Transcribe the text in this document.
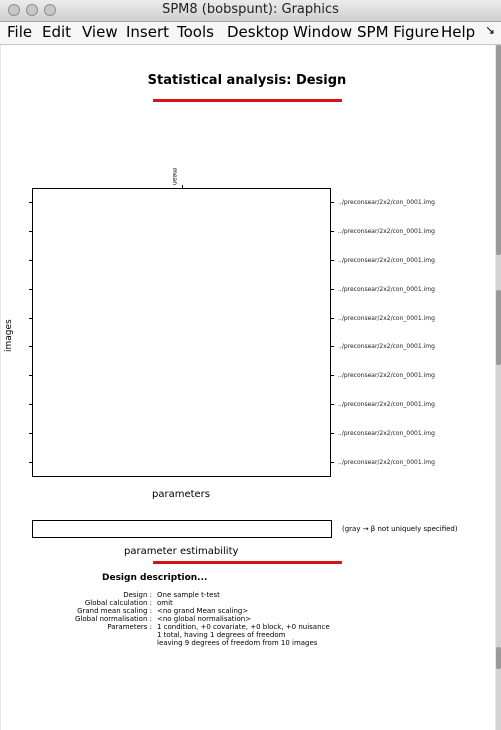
SPM8 (bobspunt): Graphics
File Edit View Insert Tools Desktop Window SPM Figure Help ↘
Statistical analysis: Design
mean
images
../preconsear/2x2/con_0001.img
../preconsear/2x2/con_0001.img
../preconsear/2x2/con_0001.img
../preconsear/2x2/con_0001.img
../preconsear/2x2/con_0001.img
../preconsear/2x2/con_0001.img
../preconsear/2x2/con_0001.img
../preconsear/2x2/con_0001.img
../preconsear/2x2/con_0001.img
../preconsear/2x2/con_0001.img
parameters
(gray → β not uniquely specified)
parameter estimability
Design description...
Design : One sample t-test
Global calculation : omit
Grand mean scaling : <no grand Mean scaling>
Global normalisation : <no global normalisation>
Parameters : 1 condition, +0 covariate, +0 block, +0 nuisance
1 total, having 1 degrees of freedom
leaving 9 degrees of freedom from 10 images
